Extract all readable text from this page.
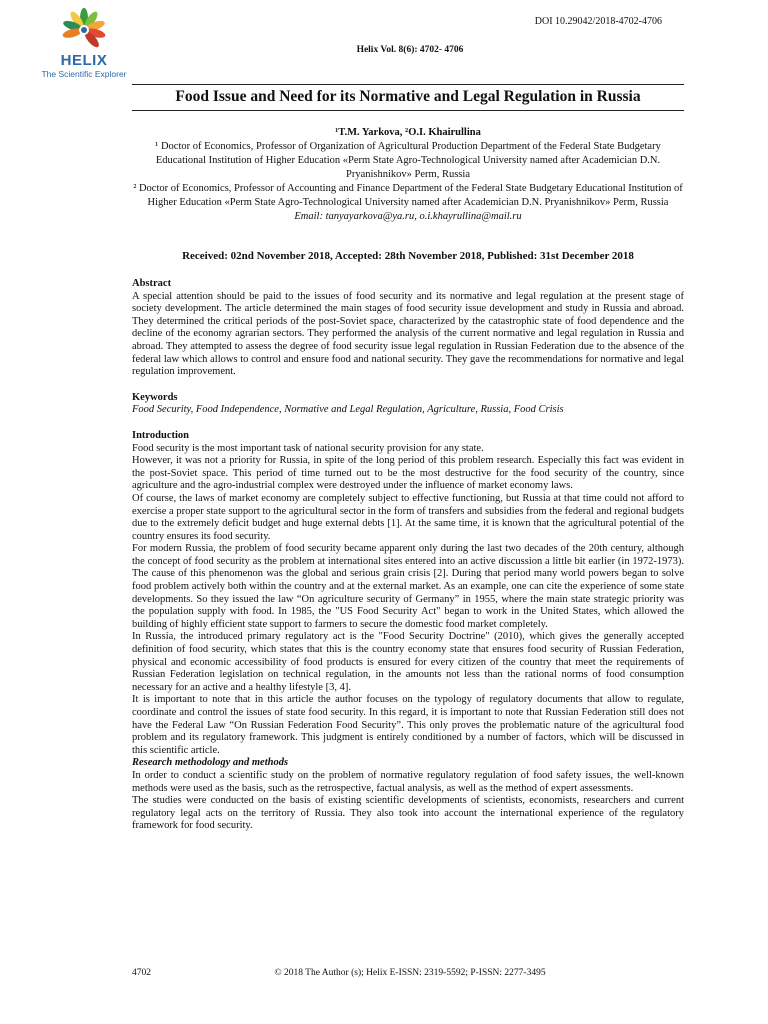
HELIX
The Scientific Explorer
DOI 10.29042/2018-4702-4706
Helix Vol. 8(6): 4702- 4706
Food Issue and Need for its Normative and Legal Regulation in Russia
¹T.M. Yarkova, ²O.I. Khairullina
¹ Doctor of Economics, Professor of Organization of Agricultural Production Department of the Federal State Budgetary Educational Institution of Higher Education «Perm State Agro-Technological University named after Academician D.N. Pryanishnikov» Perm, Russia
² Doctor of Economics, Professor of Accounting and Finance Department of the Federal State Budgetary Educational Institution of Higher Education «Perm State Agro-Technological University named after Academician D.N. Pryanishnikov» Perm, Russia
Email: tanyayarkova@ya.ru, o.i.khayrullina@mail.ru
Received: 02nd November 2018, Accepted: 28th November 2018, Published: 31st December 2018
Abstract

A special attention should be paid to the issues of food security and its normative and legal regulation at the present stage of society development. The article determined the main stages of food security issue development and study in Russia and abroad. They determined the critical periods of the post-Soviet space, characterized by the catastrophic state of food dependence and the decline of the economy agrarian sectors. They performed the analysis of the current normative and legal regulation in Russia and abroad. They attempted to assess the degree of food security issue legal regulation in Russian Federation due to the absence of the federal law which allows to control and ensure food and national security. They gave the recommendations for normative and legal regulation improvement.

Keywords

Food Security, Food Independence, Normative and Legal Regulation, Agriculture, Russia, Food Crisis

Introduction

Food security is the most important task of national security provision for any state.

However, it was not a priority for Russia, in spite of the long period of this problem research. Especially this fact was evident in the post-Soviet space. This period of time turned out to be the most destructive for the food security of the country, since agriculture and the agro-industrial complex were destroyed under the influence of market economy laws.

Of course, the laws of market economy are completely subject to effective functioning, but Russia at that time could not afford to exercise a proper state support to the agricultural sector in the form of transfers and subsidies from the federal and regional budgets due to the extremely deficit budget and huge external debts [1]. At the same time, it is known that the agricultural potential of the country ensures its food security.

For modern Russia, the problem of food security became apparent only during the last two decades of the 20th century, although the concept of food security as the problem at international sites entered into an active discussion a little bit earlier (in 1972-1973). The cause of this phenomenon was the global and serious grain crisis [2]. During that period many world powers began to solve food problem actively both within the country and at the external market. As an example, one can cite the experience of some state developments. So they issued the law “On agriculture security of Germany” in 1955, where the main state strategic priority was the population supply with food. In 1985, the "US Food Security Act" began to work in the United States, which allowed the building of highly efficient state support to farmers to secure the domestic food market completely.

In Russia, the introduced primary regulatory act is the "Food Security Doctrine" (2010), which gives the generally accepted definition of food security, which states that this is the country economy state that ensures food security of Russian Federation, physical and economic accessibility of food products is ensured for every citizen of the country that meet the requirements of Russian Federation legislation on technical regulation, in the amounts not less than the rational norms of food consumption necessary for an active and a healthy lifestyle [3, 4].

It is important to note that in this article the author focuses on the typology of regulatory documents that allow to regulate, coordinate and control the issues of state food security. In this regard, it is important to note that Russian Federation still does not have the Federal Law “On Russian Federation Food Security”. This only proves the problematic nature of the agricultural food problem and its regulatory framework. This judgment is entirely conditioned by a number of factors, which will be discussed in this scientific article.

Research methodology and methods

In order to conduct a scientific study on the problem of normative regulatory regulation of food safety issues, the well-known methods were used as the basis, such as the retrospective, factual analysis, as well as the method of expert assessments.

The studies were conducted on the basis of existing scientific developments of scientists, economists, researchers and current regulatory legal acts on the territory of Russia. They also took into account the international experience of the regulatory framework for food security.

4702	© 2018 The Author (s); Helix E-ISSN: 2319-5592; P-ISSN: 2277-3495
